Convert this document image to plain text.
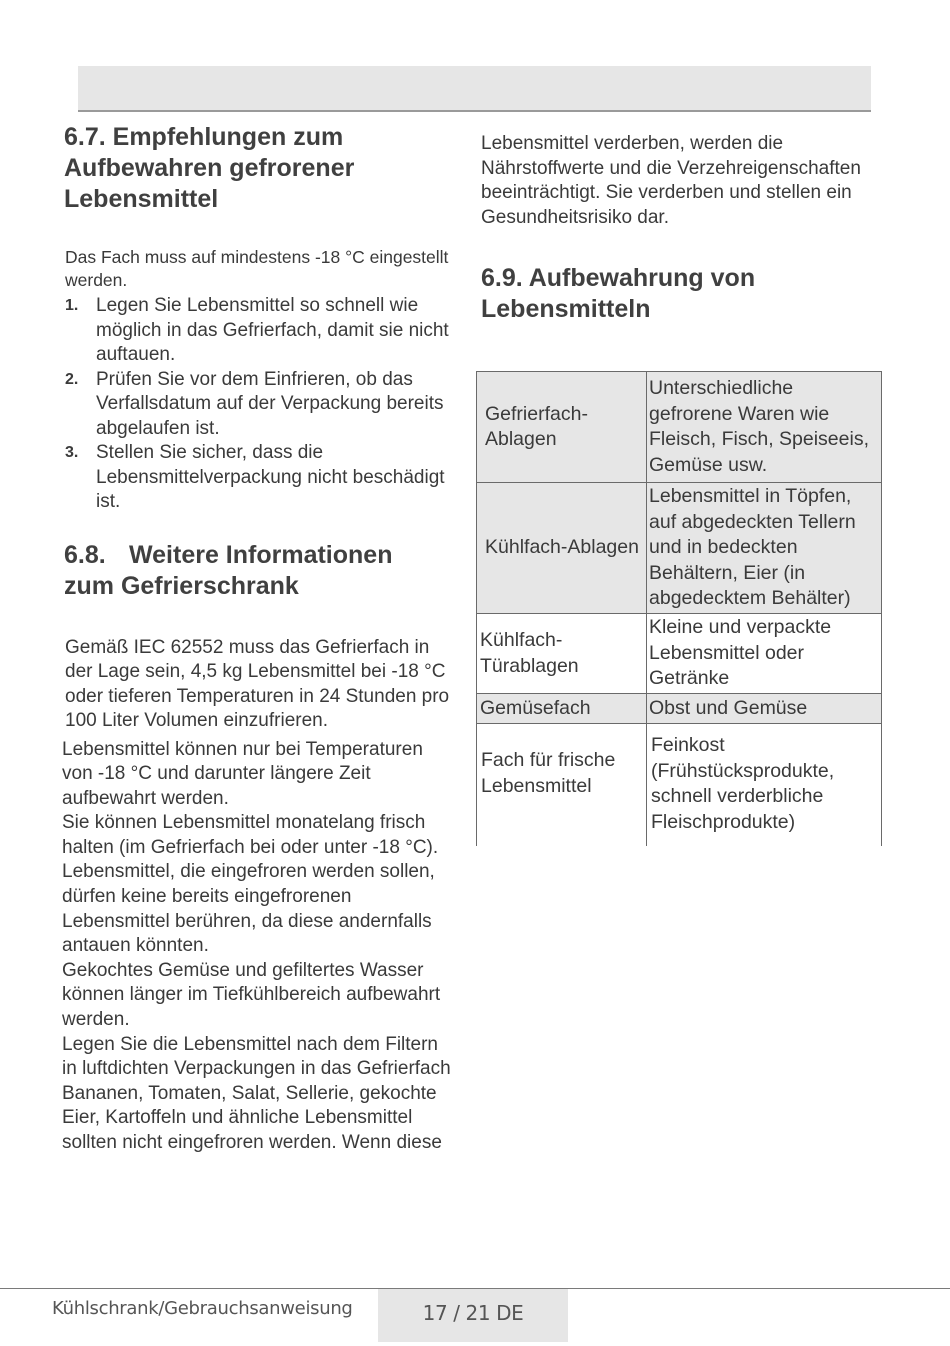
6.7. Empfehlungen zum
Aufbewahren gefrorener
Lebensmittel
Das Fach muss auf mindestens -18 °C eingestellt werden.
1. Legen Sie Lebensmittel so schnell wie möglich in das Gefrierfach, damit sie nicht auftauen.
2. Prüfen Sie vor dem Einfrieren, ob das Verfallsdatum auf der Verpackung bereits abgelaufen ist.
3. Stellen Sie sicher, dass die Lebensmittelverpackung nicht beschädigt ist.
6.8. Weitere Informationen
zum Gefrierschrank
Gemäß IEC 62552 muss das Gefrierfach in der Lage sein, 4,5 kg Lebensmittel bei -18 °C oder tieferen Temperaturen in 24 Stunden pro 100 Liter Volumen einzufrieren.

Lebensmittel können nur bei Temperaturen von -18 °C und darunter längere Zeit aufbewahrt werden.

Sie können Lebensmittel monatelang frisch halten (im Gefrierfach bei oder unter -18 °C).

Lebensmittel, die eingefroren werden sollen, dürfen keine bereits eingefrorenen Lebensmittel berühren, da diese andernfalls antauen könnten.

Gekochtes Gemüse und gefiltertes Wasser können länger im Tiefkühlbereich aufbewahrt werden.

Legen Sie die Lebensmittel nach dem Filtern in luftdichten Verpackungen in das Gefrierfach Bananen, Tomaten, Salat, Sellerie, gekochte Eier, Kartoffeln und ähnliche Lebensmittel sollten nicht eingefroren werden. Wenn diese

Lebensmittel verderben, werden die Nährstoffwerte und die Verzehreigenschaften beeinträchtigt. Sie verderben und stellen ein Gesundheitsrisiko dar.

6.9. Aufbewahrung von
Lebensmitteln
Gefrierfach-Ablagen	Unterschiedliche gefrorene Waren wie Fleisch, Fisch, Speiseeis, Gemüse usw.
Kühlfach-Ablagen	Lebensmittel in Töpfen, auf abgedeckten Tellern und in bedeckten Behältern, Eier (in abgedecktem Behälter)
Kühlfach-Türablagen	Kleine und verpackte Lebensmittel oder Getränke
Gemüsefach	Obst und Gemüse
Fach für frische Lebensmittel	Feinkost (Frühstücksprodukte, schnell verderbliche Fleischprodukte)
Kühlschrank/Gebrauchsanweisung	17 / 21 DE
